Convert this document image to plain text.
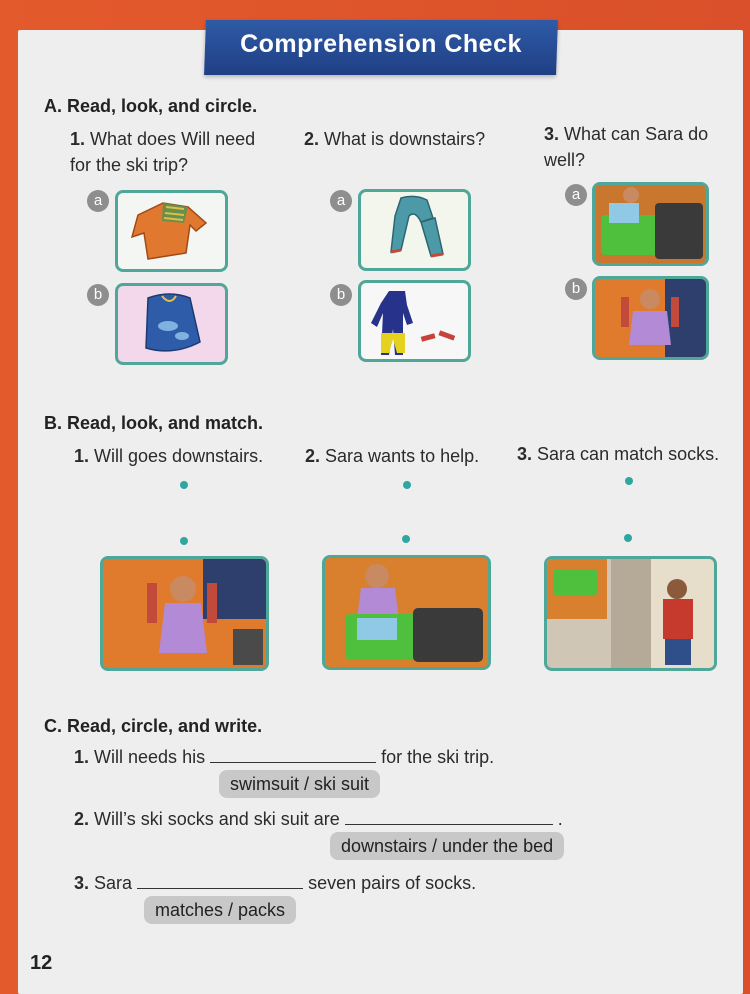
Comprehension Check
A. Read, look, and circle.
1. What does Will need for the ski trip?
2. What is downstairs?	3. What can Sara do well?
a
b
a
b
a
b
B. Read, look, and match.
1. Will goes downstairs. 2. Sara wants to help. 3. Sara can match socks.
C. Read, circle, and write.
1. Will needs his	for the ski trip.
swimsuit / ski suit
2. Will’s ski socks and ski suit are	.
downstairs / under the bed
3. Sara	seven pairs of socks.
matches / packs
12
